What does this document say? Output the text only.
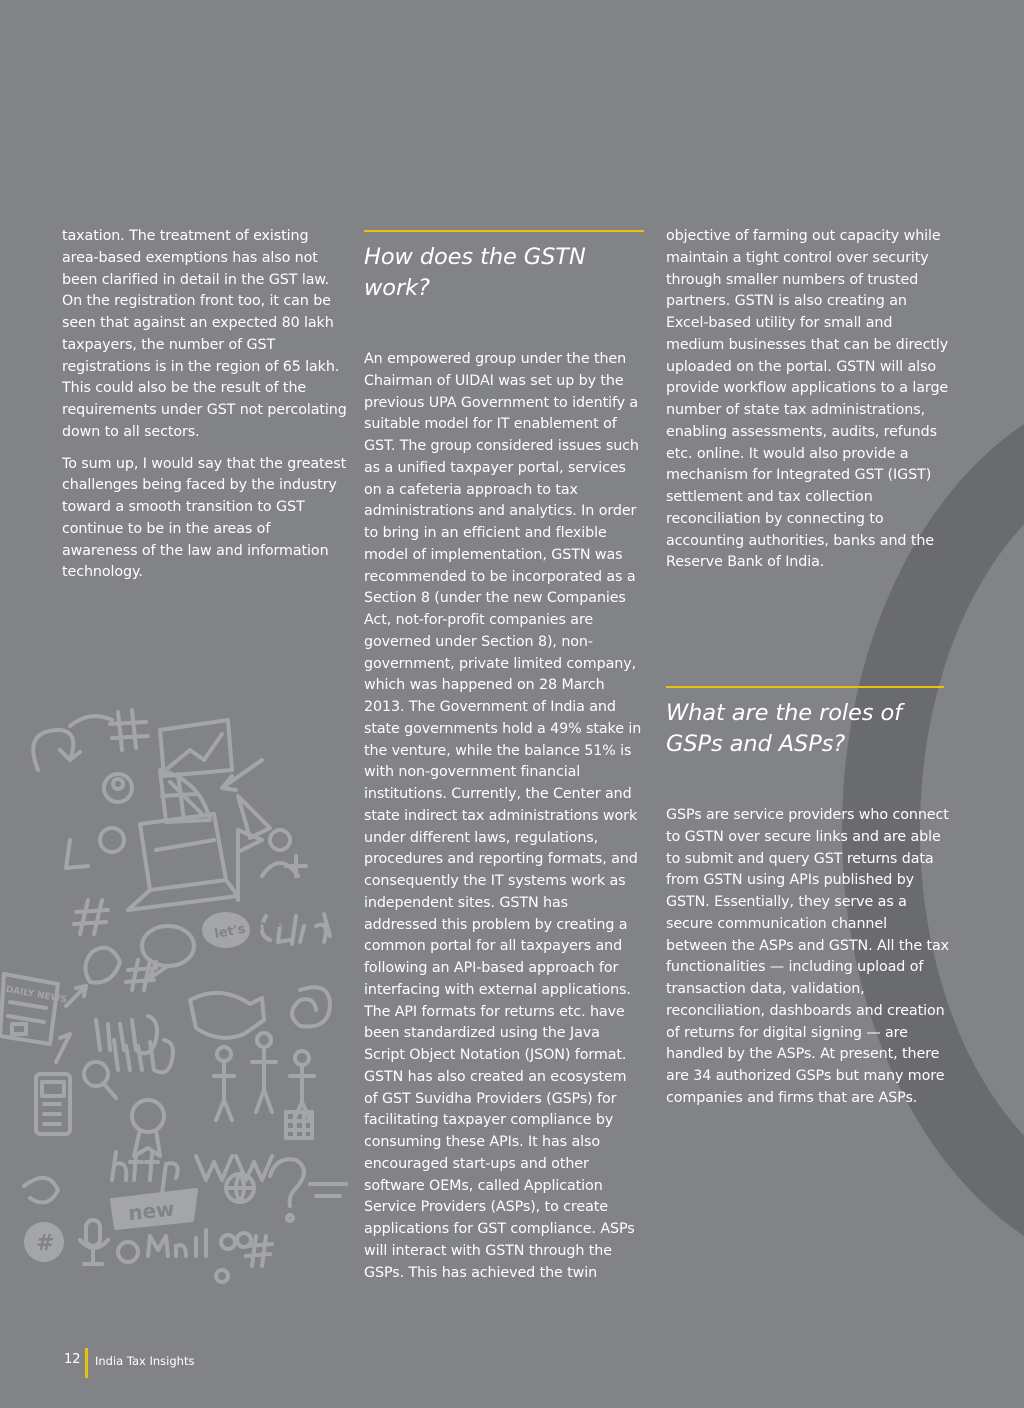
taxation. The treatment of existing area-based exemptions has also not been clarified in detail in the GST law. On the registration front too, it can be seen that against an expected 80 lakh taxpayers, the number of GST registrations is in the region of 65 lakh. This could also be the result of the requirements under GST not percolating down to all sectors.

To sum up, I would say that the greatest challenges being faced by the industry toward a smooth transition to GST continue to be in the areas of awareness of the law and information technology.

How does the GSTN work?

An empowered group under the then Chairman of UIDAI was set up by the previous UPA Government to identify a suitable model for IT enablement of GST. The group considered issues such as a unified taxpayer portal, services on a cafeteria approach to tax administrations and analytics. In order to bring in an efficient and flexible model of implementation, GSTN was recommended to be incorporated as a Section 8 (under the new Companies Act, not-for-profit companies are governed under Section 8), non-government, private limited company, which was happened on 28 March 2013. The Government of India and state governments hold a 49% stake in the venture, while the balance 51% is with non-government financial institutions. Currently, the Center and state indirect tax administrations work under different laws, regulations, procedures and reporting formats, and consequently the IT systems work as independent sites. GSTN has addressed this problem by creating a common portal for all taxpayers and following an API-based approach for interfacing with external applications. The API formats for returns etc. have been standardized using the Java Script Object Notation (JSON) format. GSTN has also created an ecosystem of GST Suvidha Providers (GSPs) for facilitating taxpayer compliance by consuming these APIs. It has also encouraged start-ups and other software OEMs, called Application Service Providers (ASPs), to create applications for GST compliance. ASPs will interact with GSTN through the GSPs. This has achieved the twin

objective of farming out capacity while maintain a tight control over security through smaller numbers of trusted partners. GSTN is also creating an Excel-based utility for small and medium businesses that can be directly uploaded on the portal. GSTN will also provide workflow applications to a large number of state tax administrations, enabling assessments, audits, refunds etc. online. It would also provide a mechanism for Integrated GST (IGST) settlement and tax collection reconciliation by connecting to accounting authorities, banks and the Reserve Bank of India.

What are the roles of GSPs and ASPs?

GSPs are service providers who connect to GSTN over secure links and are able to submit and query GST returns data from GSTN using APIs published by GSTN. Essentially, they serve as a secure communication channel between the ASPs and GSTN. All the tax functionalities — including upload of transaction data, validation, reconciliation, dashboards and creation of returns for digital signing — are handled by the ASPs. At present, there are 34 authorized GSPs but many more companies and firms that are ASPs.

let's chat
new
#
DAILY NEWS
ring
ring
http://www.
@mail
#
#
@
@
12 India Tax Insights
